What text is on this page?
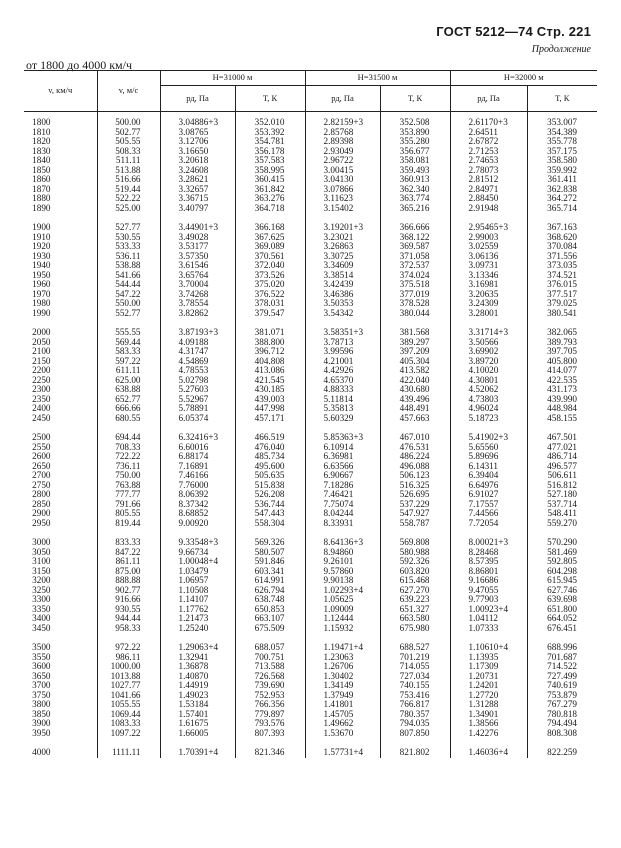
ГОСТ 5212—74 Стр. 221
Продолжение
от 1800 до 4000 км/ч
v, км/ч	v, м/с	H=31000 м		H=31500 м		H=32000 м	
		рд, Па	Т, К	рд, Па	Т, К	рд, Па	Т, К
1800	500.00	3.04886+3	352.010	2.82159+3	352.508	2.61170+3	353.007
1810	502.77	3.08765	353.392	2.85768	353.890	2.64511	354.389
1820	505.55	3.12706	354.781	2.89398	355.280	2.67872	355.778
1830	508.33	3.16650	356.178	2.93049	356.677	2.71253	357.175
1840	511.11	3.20618	357.583	2.96722	358.081	2.74653	358.580
1850	513.88	3.24608	358.995	3.00415	359.493	2.78073	359.992
1860	516.66	3.28621	360.415	3.04130	360.913	2.81512	361.411
1870	519.44	3.32657	361.842	3.07866	362.340	2.84971	362.838
1880	522.22	3.36715	363.276	3.11623	363.774	2.88450	364.272
1890	525.00	3.40797	364.718	3.15402	365.216	2.91948	365.714
1900	527.77	3.44901+3	366.168	3.19201+3	366.666	2.95465+3	367.163
1910	530.55	3.49028	367.625	3.23021	368.122	2.99003	368.620
1920	533.33	3.53177	369.089	3.26863	369.587	3.02559	370.084
1930	536.11	3.57350	370.561	3.30725	371.058	3.06136	371.556
1940	538.88	3.61546	372.040	3.34609	372.537	3.09731	373.035
1950	541.66	3.65764	373.526	3.38514	374.024	3.13346	374.521
1960	544.44	3.70004	375.020	3.42439	375.518	3.16981	376.015
1970	547.22	3.74268	376.522	3.46386	377.019	3.20635	377.517
1980	550.00	3.78554	378.031	3.50353	378.528	3.24309	379.025
1990	552.77	3.82862	379.547	3.54342	380.044	3.28001	380.541
2000	555.55	3.87193+3	381.071	3.58351+3	381.568	3.31714+3	382.065
2050	569.44	4.09188	388.800	3.78713	389.297	3.50566	389.793
2100	583.33	4.31747	396.712	3.99596	397.209	3.69902	397.705
2150	597.22	4.54869	404.808	4.21001	405.304	3.89720	405.800
2200	611.11	4.78553	413.086	4.42926	413.582	4.10020	414.077
2250	625.00	5.02798	421.545	4.65370	422.040	4.30801	422.535
2300	638.88	5.27603	430.185	4.88333	430.680	4.52062	431.173
2350	652.77	5.52967	439.003	5.11814	439.496	4.73803	439.990
2400	666.66	5.78891	447.998	5.35813	448.491	4.96024	448.984
2450	680.55	6.05374	457.171	5.60329	457.663	5.18723	458.155
2500	694.44	6.32416+3	466.519	5.85363+3	467.010	5.41902+3	467.501
2550	708.33	6.60016	476.040	6.10914	476.531	5.65560	477.021
2600	722.22	6.88174	485.734	6.36981	486.224	5.89696	486.714
2650	736.11	7.16891	495.600	6.63566	496.088	6.14311	496.577
2700	750.00	7.46166	505.635	6.90667	506.123	6.39404	506.611
2750	763.88	7.76000	515.838	7.18286	516.325	6.64976	516.812
2800	777.77	8.06392	526.208	7.46421	526.695	6.91027	527.180
2850	791.66	8.37342	536.744	7.75074	537.229	7.17557	537.714
2900	805.55	8.68852	547.443	8.04244	547.927	7.44566	548.411
2950	819.44	9.00920	558.304	8.33931	558.787	7.72054	559.270
3000	833.33	9.33548+3	569.326	8.64136+3	569.808	8.00021+3	570.290
3050	847.22	9.66734	580.507	8.94860	580.988	8.28468	581.469
3100	861.11	1.00048+4	591.846	9.26101	592.326	8.57395	592.805
3150	875.00	1.03479	603.341	9.57860	603.820	8.86801	604.298
3200	888.88	1.06957	614.991	9.90138	615.468	9.16686	615.945
3250	902.77	1.10508	626.794	1.02293+4	627.270	9.47055	627.746
3300	916.66	1.14107	638.748	1.05625	639.223	9.77903	639.698
3350	930.55	1.17762	650.853	1.09009	651.327	1.00923+4	651.800
3400	944.44	1.21473	663.107	1.12444	663.580	1.04112	664.052
3450	958.33	1.25240	675.509	1.15932	675.980	1.07333	676.451
3500	972.22	1.29063+4	688.057	1.19471+4	688.527	1.10610+4	688.996
3550	986.11	1.32941	700.751	1.23063	701.219	1.13935	701.687
3600	1000.00	1.36878	713.588	1.26706	714.055	1.17309	714.522
3650	1013.88	1.40870	726.568	1.30402	727.034	1.20731	727.499
3700	1027.77	1.44919	739.690	1.34149	740.155	1.24201	740.619
3750	1041.66	1.49023	752.953	1.37949	753.416	1.27720	753.879
3800	1055.55	1.53184	766.356	1.41801	766.817	1.31288	767.279
3850	1069.44	1.57401	779.897	1.45705	780.357	1.34901	780.818
3900	1083.33	1.61675	793.576	1.49662	794.035	1.38566	794.494
3950	1097.22	1.66005	807.393	1.53670	807.850	1.42276	808.308
4000	1111.11	1.70391+4	821.346	1.57731+4	821.802	1.46036+4	822.259
